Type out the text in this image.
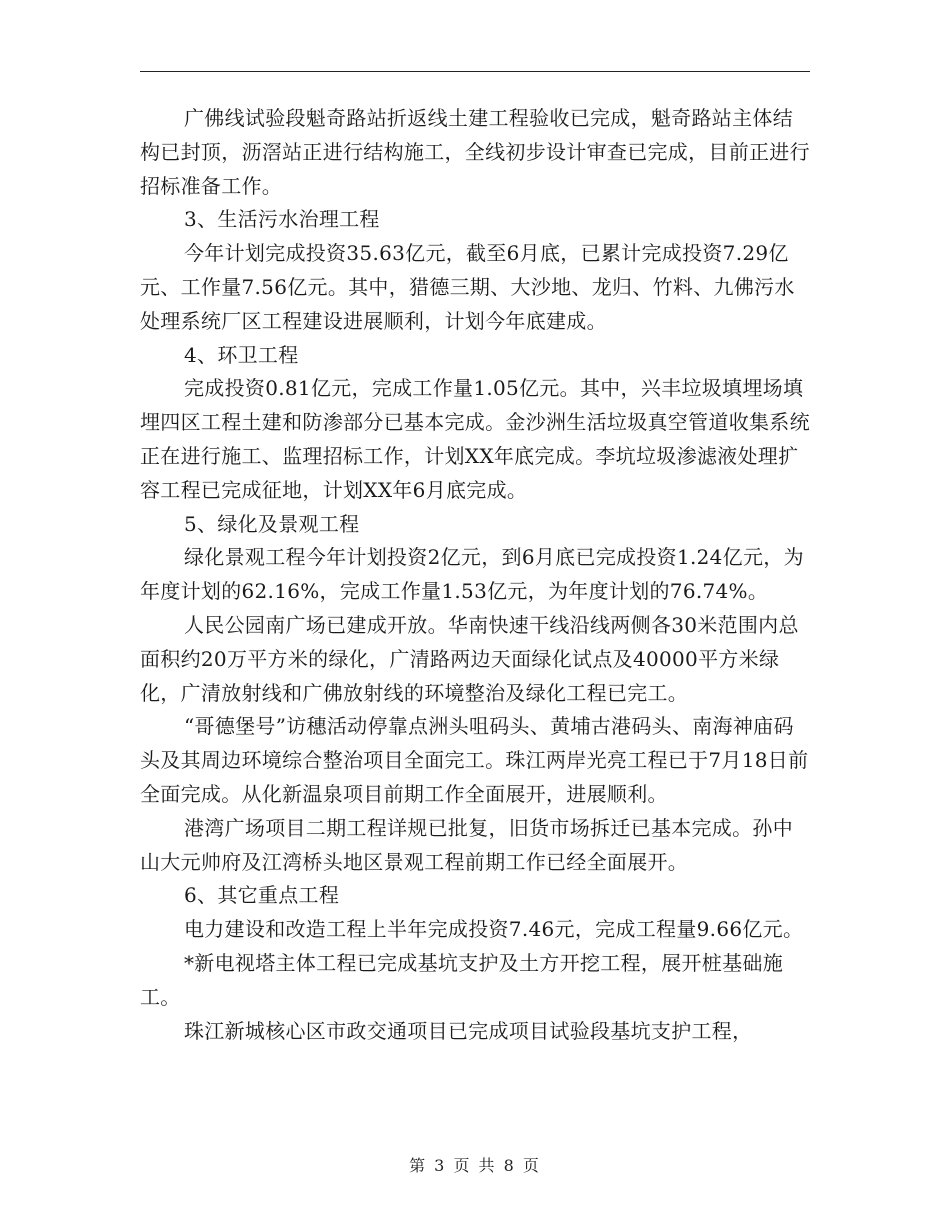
广佛线试验段魁奇路站折返线土建工程验收已完成，魁奇路站主体结构已封顶，沥滘站正进行结构施工，全线初步设计审查已完成，目前正进行招标准备工作。

3、生活污水治理工程

今年计划完成投资35.63亿元，截至6月底，已累计完成投资7.29亿元、工作量7.56亿元。其中，猎德三期、大沙地、龙归、竹料、九佛污水处理系统厂区工程建设进展顺利，计划今年底建成。

4、环卫工程

完成投资0.81亿元，完成工作量1.05亿元。其中，兴丰垃圾填埋场填埋四区工程土建和防渗部分已基本完成。金沙洲生活垃圾真空管道收集系统正在进行施工、监理招标工作，计划XX年底完成。李坑垃圾渗滤液处理扩容工程已完成征地，计划XX年6月底完成。

5、绿化及景观工程

绿化景观工程今年计划投资2亿元，到6月底已完成投资1.24亿元，为年度计划的62.16%，完成工作量1.53亿元，为年度计划的76.74%。

人民公园南广场已建成开放。华南快速干线沿线两侧各30米范围内总面积约20万平方米的绿化，广清路两边天面绿化试点及40000平方米绿化，广清放射线和广佛放射线的环境整治及绿化工程已完工。

“哥德堡号”访穗活动停靠点洲头咀码头、黄埔古港码头、南海神庙码头及其周边环境综合整治项目全面完工。珠江两岸光亮工程已于7月18日前全面完成。从化新温泉项目前期工作全面展开，进展顺利。

港湾广场项目二期工程详规已批复，旧货市场拆迁已基本完成。孙中山大元帅府及江湾桥头地区景观工程前期工作已经全面展开。

6、其它重点工程

电力建设和改造工程上半年完成投资7.46元，完成工程量9.66亿元。

*新电视塔主体工程已完成基坑支护及土方开挖工程，展开桩基础施工。

珠江新城核心区市政交通项目已完成项目试验段基坑支护工程，

第 3 页 共 8 页
